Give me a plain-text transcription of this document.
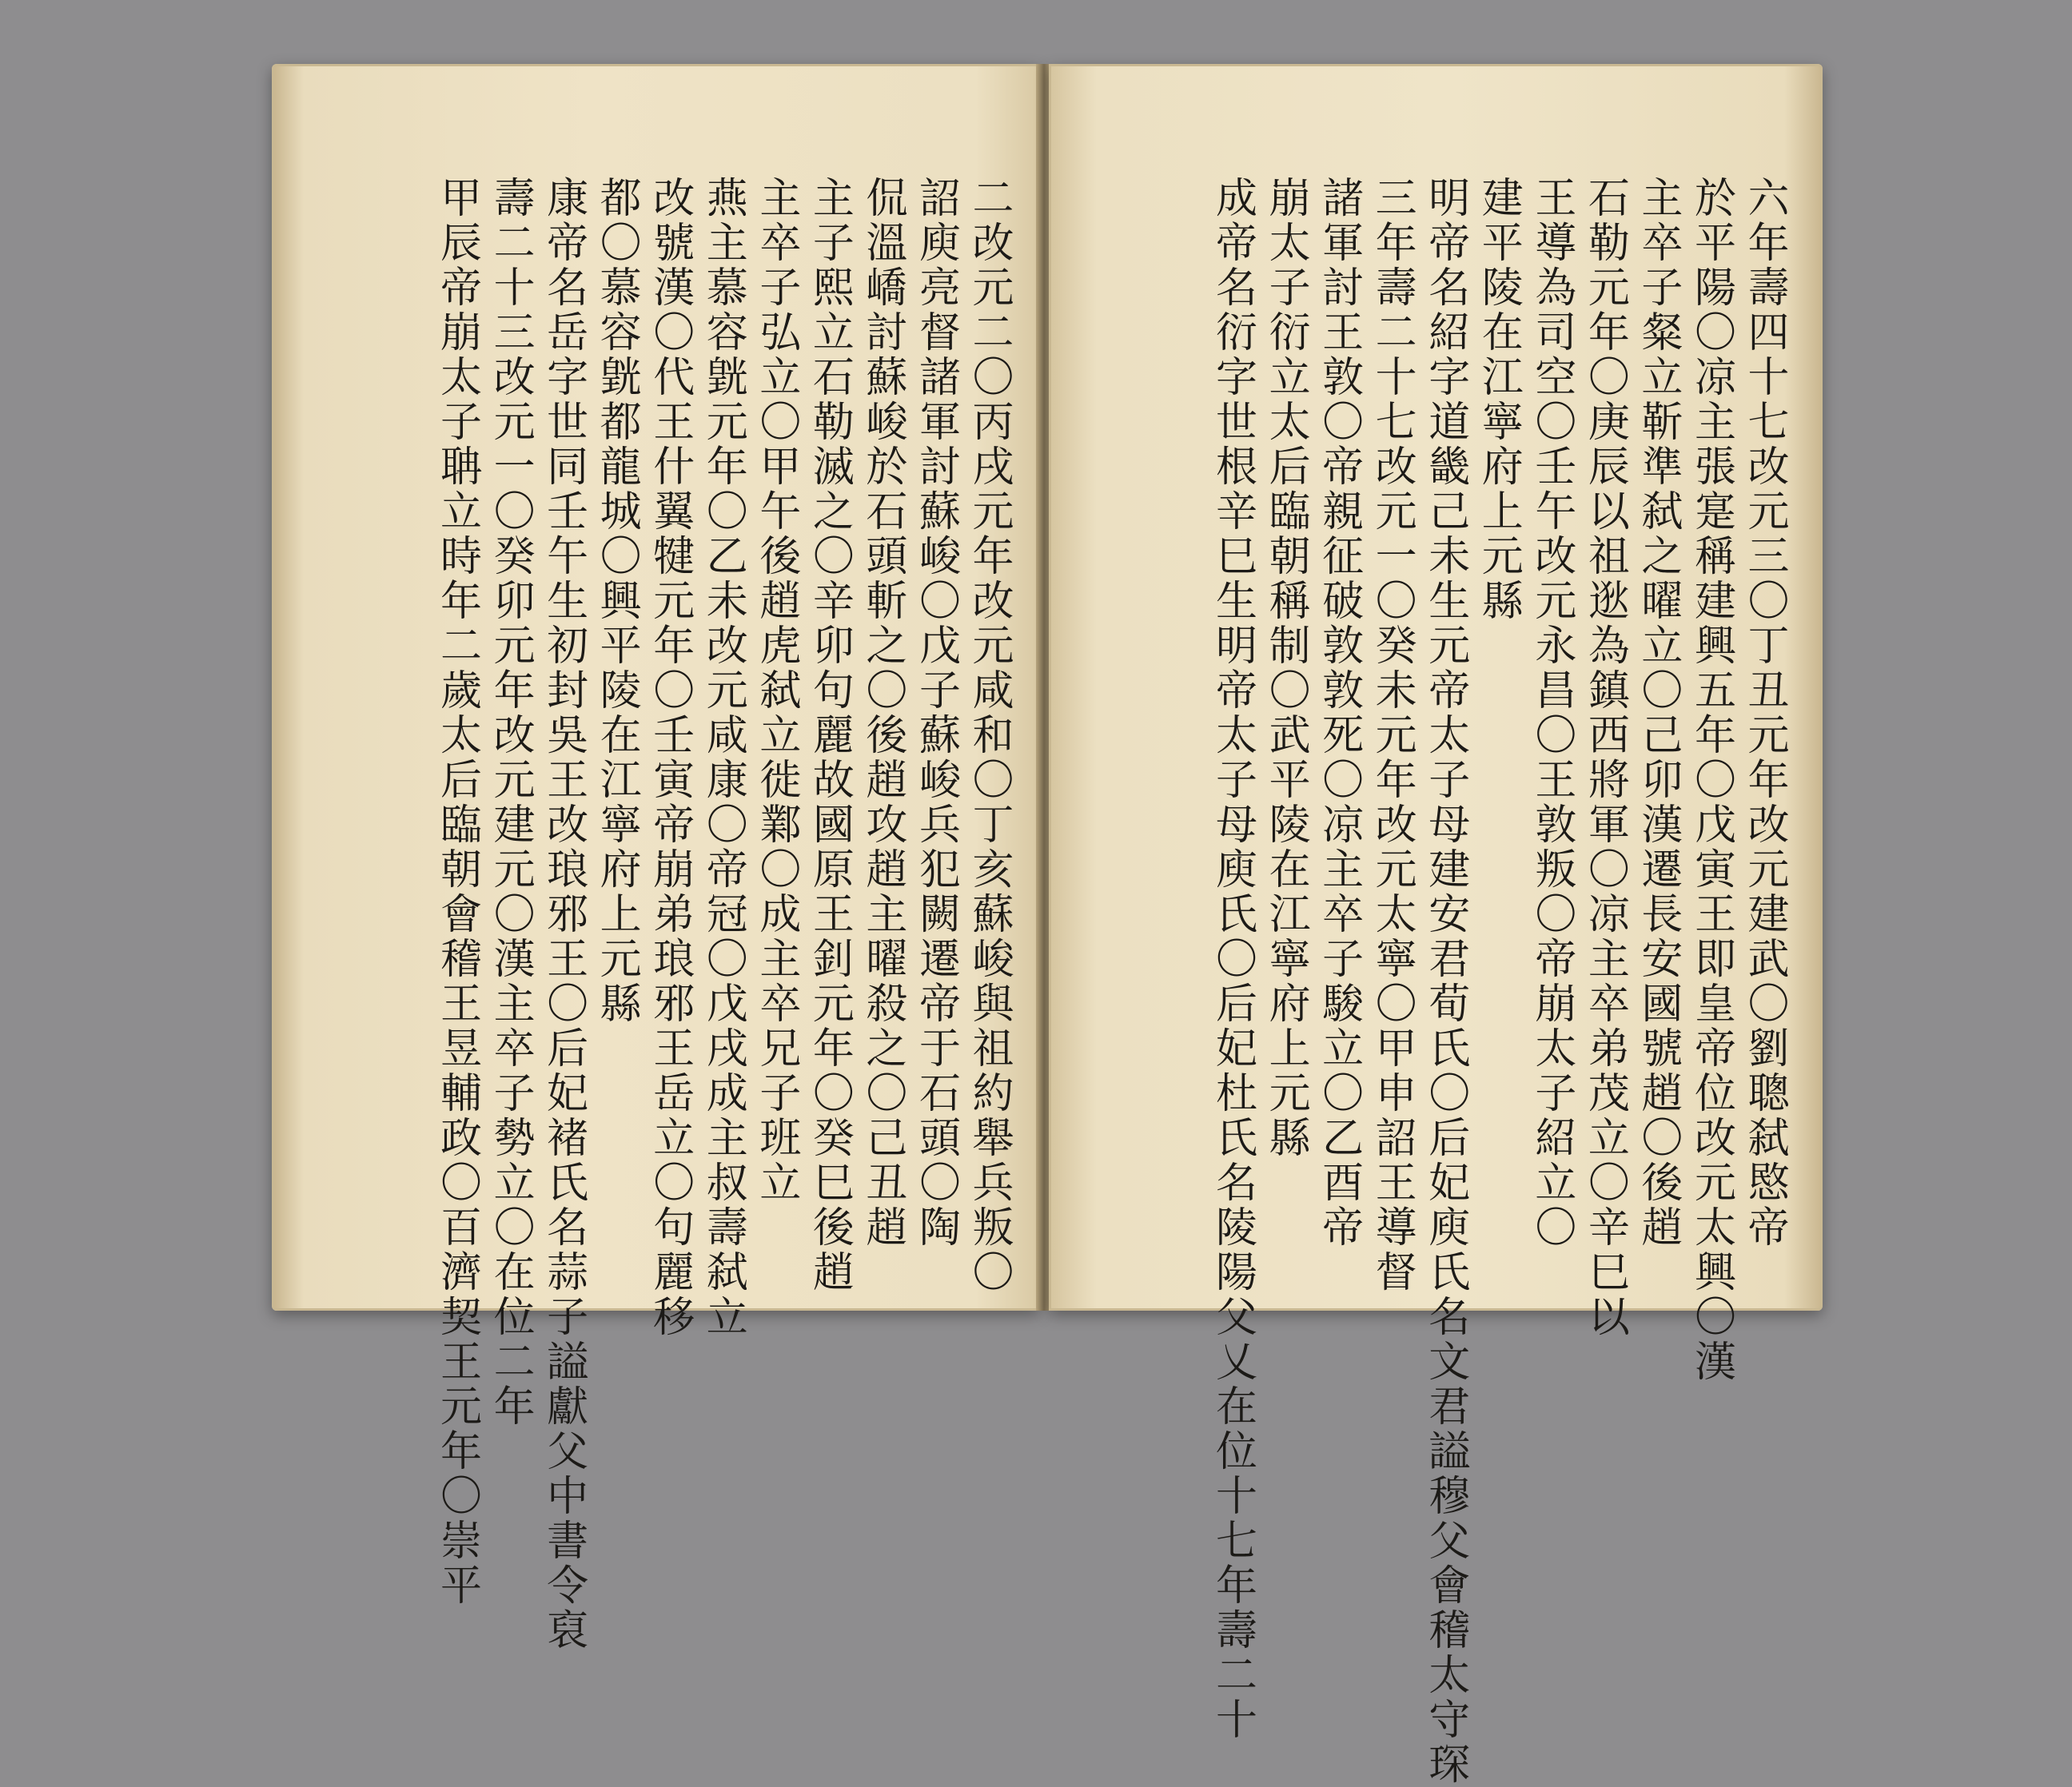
二改元二〇丙戌元年改元咸和〇丁亥蘇峻與祖約舉兵叛〇
詔庾亮督諸軍討蘇峻〇戊子蘇峻兵犯闕遷帝于石頭〇陶
侃溫嶠討蘇峻於石頭斬之〇後趙攻趙主曜殺之〇己丑趙
主子熙立石勒滅之〇辛卯句麗故國原王釗元年〇癸巳後趙
主卒子弘立〇甲午後趙虎弑立徙鄴〇成主卒兄子班立
燕主慕容皝元年〇乙未改元咸康〇帝冠〇戊戌成主叔壽弑立
改號漢〇代王什翼犍元年〇壬寅帝崩弟琅邪王岳立〇句麗移
都〇慕容皝都龍城〇興平陵在江寧府上元縣
康帝名岳字世同壬午生初封吳王改琅邪王〇后妃褚氏名蒜子謚獻父中書令裒
壽二十三改元一〇癸卯元年改元建元〇漢主卒子勢立〇在位二年
甲辰帝崩太子聃立時年二歲太后臨朝會稽王昱輔政〇百濟契王元年〇崇平	六年壽四十七改元三〇丁丑元年改元建武〇劉聰弑愍帝
於平陽〇凉主張寔稱建興五年〇戊寅王即皇帝位改元太興〇漢
主卒子粲立靳準弑之曜立〇己卯漢遷長安國號趙〇後趙
石勒元年〇庚辰以祖逖為鎮西將軍〇凉主卒弟茂立〇辛巳以
王導為司空〇壬午改元永昌〇王敦叛〇帝崩太子紹立〇
建平陵在江寧府上元縣
明帝名紹字道畿己未生元帝太子母建安君荀氏〇后妃庾氏名文君謚穆父會稽太守琛
三年壽二十七改元一〇癸未元年改元太寧〇甲申詔王導督
諸軍討王敦〇帝親征破敦敦死〇凉主卒子駿立〇乙酉帝
崩太子衍立太后臨朝稱制〇武平陵在江寧府上元縣
成帝名衍字世根辛巳生明帝太子母庾氏〇后妃杜氏名陵陽父乂在位十七年壽二十
